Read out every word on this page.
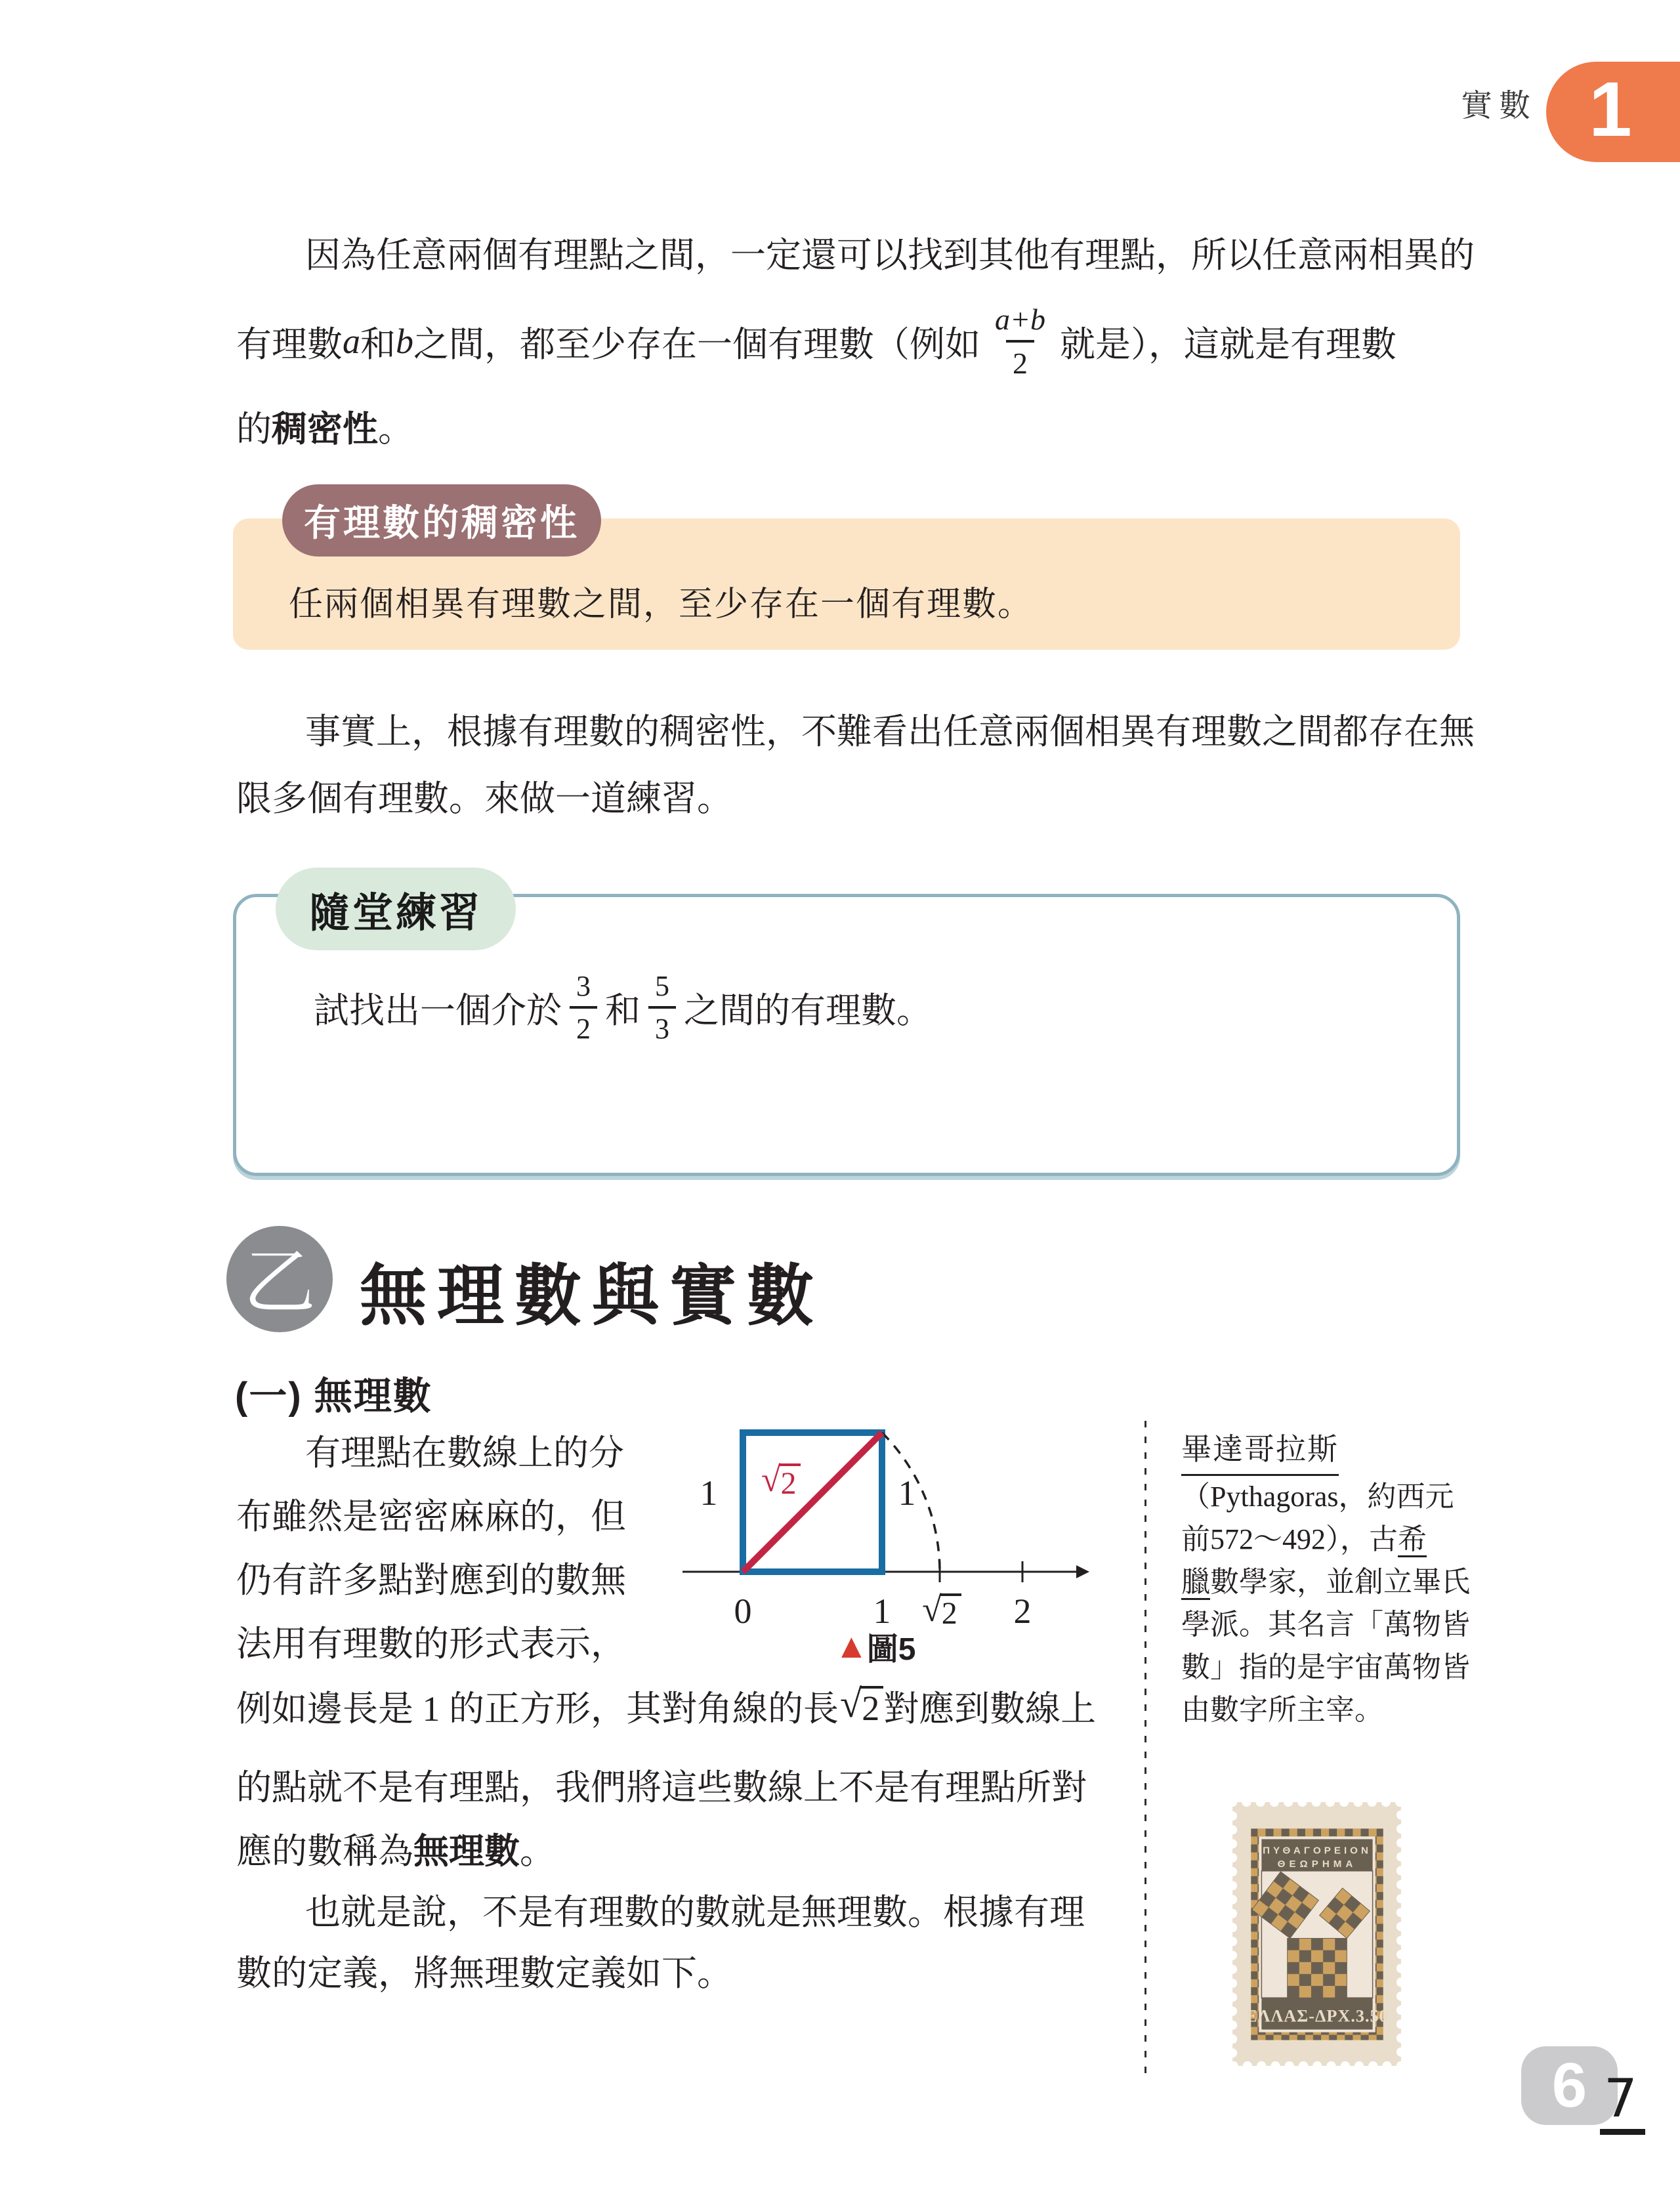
實數 1
因為任意兩個有理點之間，一定還可以找到其他有理點，所以任意兩相異的
有理數 a 和 b 之間，都至少存在一個有理數（例如 $\frac{a+b}{2}$ 就是），這就是有理數
的 稠密性 。
有理數的稠密性
任兩個相異有理數之間，至少存在一個有理數。
事實上，根據有理數的稠密性，不難看出任意兩個相異有理數之間都存在無
限多個有理數。來做一道練習。
隨堂練習
試找出一個介於 $\frac{3}{2}$ 和 $\frac{5}{3}$ 之間的有理數。
乙 無理數與實數
(一) 無理數
有理點在數線上的分
布雖然是密密麻麻的，但
仍有許多點對應到的數無
法用有理數的形式表示，
1	1
√ 2
0	1 √ 2	2
▲ 圖5
例如邊長是 1 的正方形，其對角線的長 √ 2 對應到數線上
的點就不是有理點，我們將這些數線上不是有理點所對
應的數稱為 無理數 。
也就是說，不是有理數的數就是無理數。根據有理
數的定義，將無理數定義如下。
畢達哥拉斯
（Pythagoras，約西元
前572～492），古希
臘數學家，並創立畢氏
學派。其名言「萬物皆
數」指的是宇宙萬物皆
由數字所主宰。
ΠΥΘΑΓΟΡΕΙΟΝ
ΘΕΩΡΗΜΑ
ΕΛΛΑΣ-ΔΡΧ.3.50
6 7
